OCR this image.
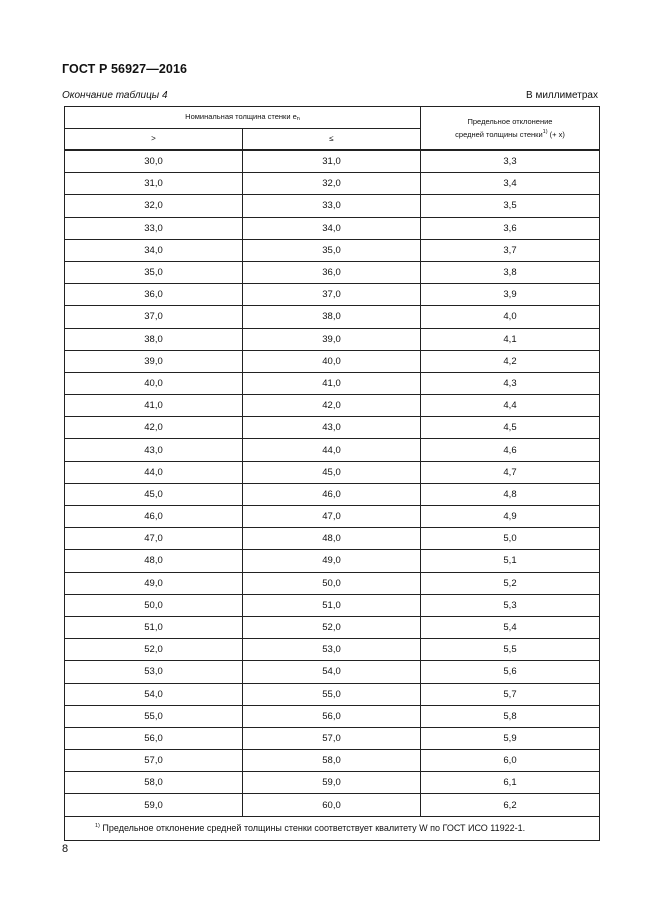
ГОСТ Р 56927—2016
Окончание таблицы 4	В миллиметрах
Номинальная толщина стенки $e_n$		Предельное отклонение
средней толщины стенки$^{1)}$ (+ x)
>	≤	
30,0	31,0	3,3
31,0	32,0	3,4
32,0	33,0	3,5
33,0	34,0	3,6
34,0	35,0	3,7
35,0	36,0	3,8
36,0	37,0	3,9
37,0	38,0	4,0
38,0	39,0	4,1
39,0	40,0	4,2
40,0	41,0	4,3
41,0	42,0	4,4
42,0	43,0	4,5
43,0	44,0	4,6
44,0	45,0	4,7
45,0	46,0	4,8
46,0	47,0	4,9
47,0	48,0	5,0
48,0	49,0	5,1
49,0	50,0	5,2
50,0	51,0	5,3
51,0	52,0	5,4
52,0	53,0	5,5
53,0	54,0	5,6
54,0	55,0	5,7
55,0	56,0	5,8
56,0	57,0	5,9
57,0	58,0	6,0
58,0	59,0	6,1
59,0	60,0	6,2
$^{1)}$ Предельное отклонение средней толщины стенки соответствует квалитету W по ГОСТ ИСО 11922-1.		
8
